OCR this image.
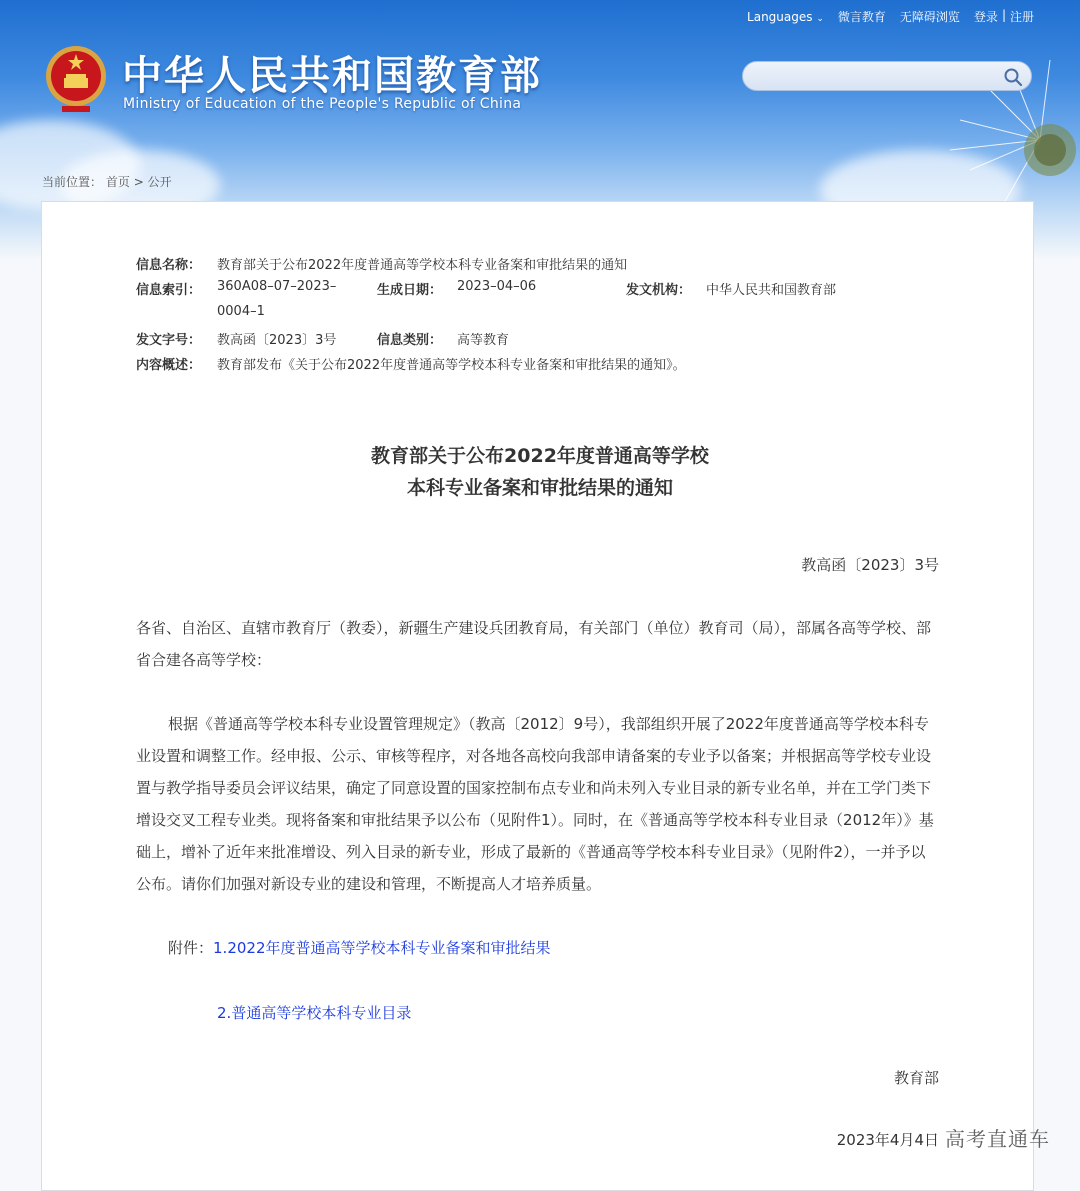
Languages ⌄ 微言教育 无障碍浏览 登录 | 注册
中华人民共和国教育部
Ministry of Education of the People's Republic of China
当前位置： 首页 > 公开
信息名称： 教育部关于公布2022年度普通高等学校本科专业备案和审批结果的通知
信息索引： 360A08–07–2023–	生成日期： 2023–04–06	发文机构： 中华人民共和国教育部
0004–1
发文字号： 教高函〔2023〕3号	信息类别： 高等教育
内容概述： 教育部发布《关于公布2022年度普通高等学校本科专业备案和审批结果的通知》。
教育部关于公布2022年度普通高等学校
本科专业备案和审批结果的通知
教高函〔2023〕3号

各省、自治区、直辖市教育厅（教委），新疆生产建设兵团教育局，有关部门（单位）教育司（局），部属各高等学校、部省合建各高等学校：

根据《普通高等学校本科专业设置管理规定》（教高〔2012〕9号），我部组织开展了2022年度普通高等学校本科专业设置和调整工作。经申报、公示、审核等程序，对各地各高校向我部申请备案的专业予以备案；并根据高等学校专业设置与教学指导委员会评议结果，确定了同意设置的国家控制布点专业和尚未列入专业目录的新专业名单，并在工学门类下增设交叉工程专业类。现将备案和审批结果予以公布（见附件1）。同时，在《普通高等学校本科专业目录（2012年）》基础上，增补了近年来批准增设、列入目录的新专业，形成了最新的《普通高等学校本科专业目录》（见附件2），一并予以公布。请你们加强对新设专业的建设和管理，不断提高人才培养质量。

附件：1.2022年度普通高等学校本科专业备案和审批结果
2.普通高等学校本科专业目录
教育部
2023年4月4日 高考直通车
